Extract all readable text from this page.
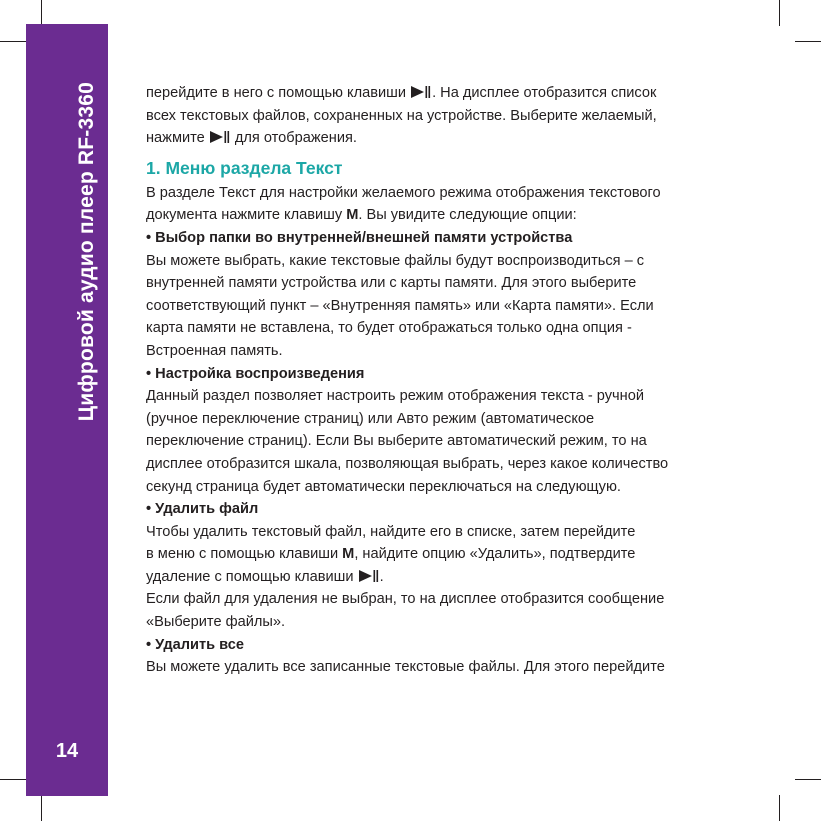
Цифровой аудио плеер RF-3360
14

перейдите в него с помощью клавиши . На дисплее отобразится список

всех текстовых файлов, сохраненных на устройстве. Выберите желаемый,

нажмите  для отображения.

1. Меню раздела Текст

В разделе Текст для настройки желаемого режима отображения текстового

документа нажмите клавишу M. Вы увидите следующие опции:

• Выбор папки во внутренней/внешней памяти устройства

Вы можете выбрать, какие текстовые файлы будут воспроизводиться – с

внутренней памяти устройства или с карты памяти. Для этого выберите

соответствующий пункт – «Внутренняя память» или «Карта памяти». Если

карта памяти не вставлена, то будет отображаться только одна опция -

Встроенная память.

• Настройка воспроизведения

Данный раздел позволяет настроить режим отображения текста - ручной

(ручное переключение страниц) или Авто режим (автоматическое

переключение страниц). Если Вы выберите автоматический режим, то на

дисплее отобразится шкала, позволяющая выбрать, через какое количество

секунд страница будет автоматически переключаться на следующую.

• Удалить файл

Чтобы удалить текстовый файл, найдите его в списке, затем перейдите

в меню с помощью клавиши M, найдите опцию «Удалить», подтвердите

удаление с помощью клавиши .

Если файл для удаления не выбран, то на дисплее отобразится сообщение

«Выберите файлы».

• Удалить все

Вы можете удалить все записанные текстовые файлы. Для этого перейдите
